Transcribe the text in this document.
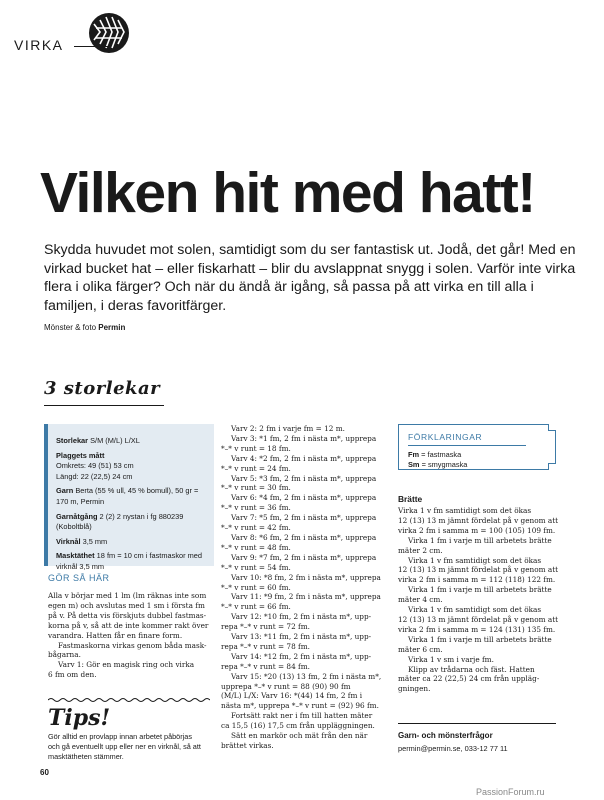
VIRKA
Vilken hit med hatt!
Skydda huvudet mot solen, samtidigt som du ser fantastisk ut. Jodå, det går! Med en virkad bucket hat – eller fiskarhatt – blir du avslappnat snygg i solen. Varför inte virka flera i olika färger? Och när du ändå är igång, så passa på att virka en till alla i familjen, i deras favoritfärger.
Mönster & foto Permin
3 storlekar
Storlekar S/M (M/L) L/XL
Plaggets mått
Omkrets: 49 (51) 53 cm
Längd: 22 (22,5) 24 cm
Garn Berta (55 % ull, 45 % bomull), 50 gr =
170 m, Permin
Garnåtgång 2 (2) 2 nystan i fg 880239
(Koboltblå)
Virknål 3,5 mm
Masktäthet 18 fm = 10 cm i fastmaskor med
virknål 3,5 mm
GÖR SÅ HÄR
Alla v börjar med 1 lm (lm räknas inte som
egen m) och avslutas med 1 sm i första fm
på v. På detta vis förskjuts dubbel fastmas-
korna på v, så att de inte kommer rakt över
varandra. Hatten får en finare form.
Fastmaskorna virkas genom båda mask-
bågarna.
Varv 1: Gör en magisk ring och virka
6 fm om den.
Tips!
Gör alltid en provlapp innan arbetet påbörjas
och gå eventuellt upp eller ner en virknål, så att
masktätheten stämmer.
Varv 2: 2 fm i varje fm = 12 m.
Varv 3: *1 fm, 2 fm i nästa m*, upprepa
*–* v runt = 18 fm.
Varv 4: *2 fm, 2 fm i nästa m*, upprepa
*–* v runt = 24 fm.
Varv 5: *3 fm, 2 fm i nästa m*, upprepa
*–* v runt = 30 fm.
Varv 6: *4 fm, 2 fm i nästa m*, upprepa
*–* v runt = 36 fm.
Varv 7: *5 fm, 2 fm i nästa m*, upprepa
*–* v runt = 42 fm.
Varv 8: *6 fm, 2 fm i nästa m*, upprepa
*–* v runt = 48 fm.
Varv 9: *7 fm, 2 fm i nästa m*, upprepa
*–* v runt = 54 fm.
Varv 10: *8 fm, 2 fm i nästa m*, upprepa
*–* v runt = 60 fm.
Varv 11: *9 fm, 2 fm i nästa m*, upprepa
*–* v runt = 66 fm.
Varv 12: *10 fm, 2 fm i nästa m*, upp-
repa *–* v runt = 72 fm.
Varv 13: *11 fm, 2 fm i nästa m*, upp-
repa *–* v runt = 78 fm.
Varv 14: *12 fm, 2 fm i nästa m*, upp-
repa *–* v runt = 84 fm.
Varv 15: *20 (13) 13 fm, 2 fm i nästa m*,
upprepa *–* v runt = 88 (90) 90 fm
(M/L) L/X: Varv 16: *(44) 14 fm, 2 fm i
nästa m*, upprepa *–* v runt = (92) 96 fm.
Fortsätt rakt ner i fm till hatten mäter
ca 15,5 (16) 17,5 cm från uppläggningen.
Sätt en markör och mät från den när
brättet virkas.
FÖRKLARINGAR
Fm = fastmaska
Sm = smygmaska
Brätte
Virka 1 v fm samtidigt som det ökas
12 (13) 13 m jämnt fördelat på v genom att
virka 2 fm i samma m = 100 (105) 109 fm.
Virka 1 fm i varje m till arbetets brätte
mäter 2 cm.
Virka 1 v fm samtidigt som det ökas
12 (13) 13 m jämnt fördelat på v genom att
virka 2 fm i samma m = 112 (118) 122 fm.
Virka 1 fm i varje m till arbetets brätte
mäter 4 cm.
Virka 1 v fm samtidigt som det ökas
12 (13) 13 m jämnt fördelat på v genom att
virka 2 fm i samma m = 124 (131) 135 fm.
Virka 1 fm i varje m till arbetets brätte
mäter 6 cm.
Virka 1 v sm i varje fm.
Klipp av trådarna och fäst. Hatten
mäter ca 22 (22,5) 24 cm från uppläg-
gningen.
Garn- och mönsterfrågor
permin@permin.se, 033-12 77 11
60
PassionForum.ru
